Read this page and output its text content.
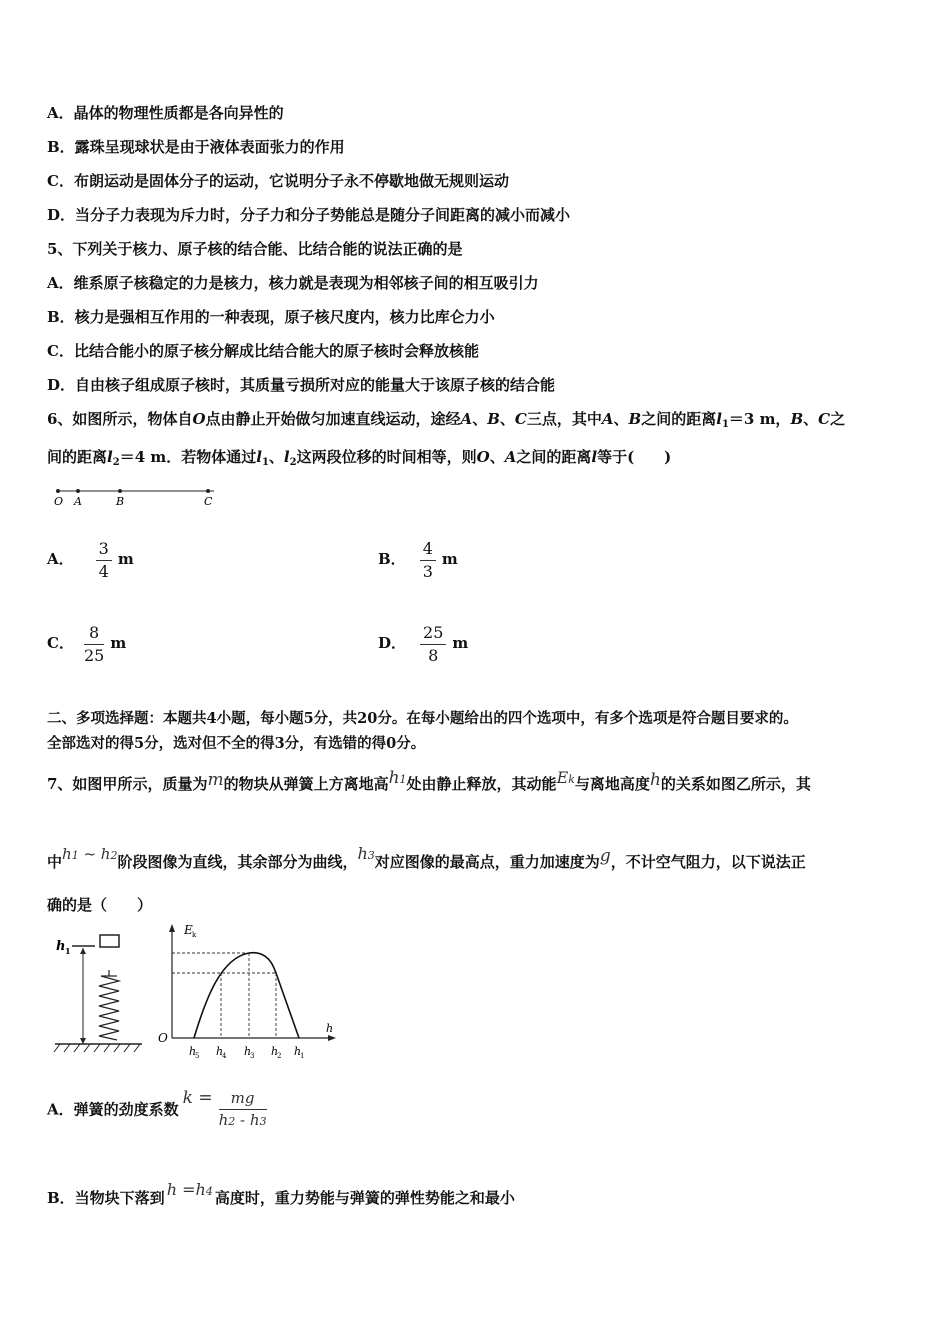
A．晶体的物理性质都是各向异性的
B．露珠呈现球状是由于液体表面张力的作用
C．布朗运动是固体分子的运动，它说明分子永不停歇地做无规则运动
D．当分子力表现为斥力时，分子力和分子势能总是随分子间距离的减小而减小
5、下列关于核力、原子核的结合能、比结合能的说法正确的是
A．维系原子核稳定的力是核力，核力就是表现为相邻核子间的相互吸引力
B．核力是强相互作用的一种表现，原子核尺度内，核力比库仑力小
C．比结合能小的原子核分解成比结合能大的原子核时会释放核能
D．自由核子组成原子核时，其质量亏损所对应的能量大于该原子核的结合能
6、如图所示，物体自O点由静止开始做匀加速直线运动，途经A、B、C三点，其中A、B之间的距离$l_1=3$ m，B、C之
间的距离$l_2=4$ m．若物体通过$l_1$、$l_2$这两段位移的时间相等，则O、A之间的距离l等于(　　)
O A	B	C
A． $\frac{3}{4}$ m	B． $\frac{4}{3}$ m
C． $\frac{8}{25}$ m	D． $\frac{25}{8}$ m
二、多项选择题：本题共4小题，每小题5分，共20分。在每小题给出的四个选项中，有多个选项是符合题目要求的。
全部选对的得5分，选对但不全的得3分，有选错的得0分。
7、如图甲所示，质量为m的物块从弹簧上方离地高h1处由静止释放，其动能Ek与离地高度h的关系如图乙所示，其
中h1 ~ h2阶段图像为直线，其余部分为曲线，h3对应图像的最高点，重力加速度为g，不计空气阻力，以下说法正
确的是（　　）
h 1
E k
O
h
h
5 h
4 h
3 h
2 h
1
A．弹簧的劲度系数$k = \frac{mg}{h2 - h3}$
B．当物块下落到 h =h4 高度时，重力势能与弹簧的弹性势能之和最小
